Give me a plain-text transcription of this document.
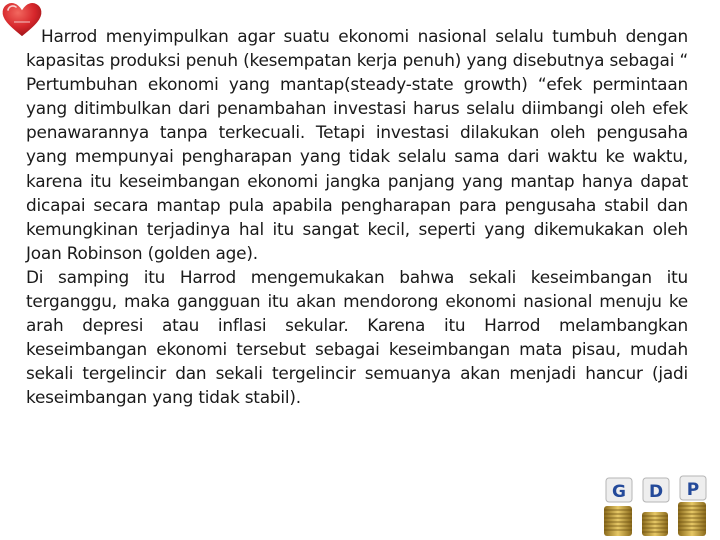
Harrod menyimpulkan agar suatu ekonomi nasional selalu tumbuh dengan kapasitas produksi penuh (kesempatan kerja penuh) yang disebutnya sebagai “ Pertumbuhan ekonomi yang mantap(steady-state growth) “efek permintaan yang ditimbulkan dari penambahan investasi harus selalu diimbangi oleh efek penawarannya tanpa terkecuali. Tetapi investasi dilakukan oleh pengusaha yang mempunyai pengharapan yang tidak selalu sama dari waktu ke waktu, karena itu keseimbangan ekonomi jangka panjang yang mantap hanya dapat dicapai secara mantap pula apabila pengharapan para pengusaha stabil dan kemungkinan terjadinya hal itu sangat kecil, seperti yang dikemukakan oleh Joan Robinson (golden age).

Di samping itu Harrod mengemukakan bahwa sekali keseimbangan itu terganggu, maka gangguan itu akan mendorong ekonomi nasional menuju ke arah depresi atau inflasi sekular. Karena itu Harrod melambangkan keseimbangan ekonomi tersebut sebagai keseimbangan mata pisau, mudah sekali tergelincir dan sekali tergelincir semuanya akan menjadi hancur (jadi keseimbangan yang tidak stabil).

G D P
